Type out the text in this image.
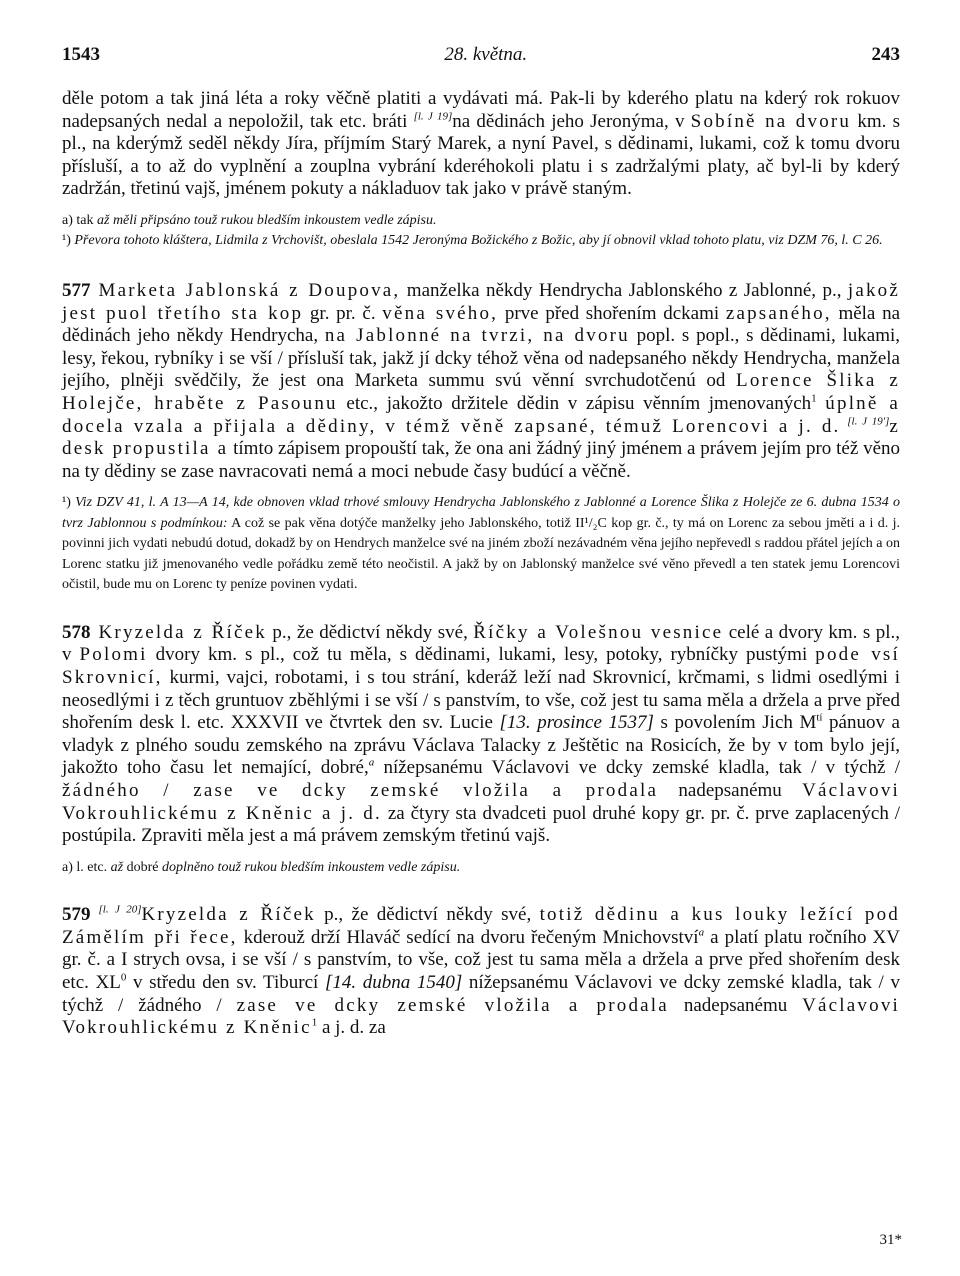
1543	28. května.	243

děle potom a tak jiná léta a roky věčně platiti a vydávati má. Pak-li by kderého platu na kderý rok rokuov nadepsaných nedal a nepoložil, tak etc. bráti [l. J 19]na dědinách jeho Jeronýma, v Sobíně na dvoru km. s pl., na kderýmž seděl někdy Jíra, příjmím Starý Marek, a nyní Pavel, s dědinami, lukami, což k tomu dvoru přísluší, a to až do vyplnění a zouplna vybrání kderéhokoli platu i s zadržalými platy, ač byl-li by kderý zadržán, třetinú vajš, jménem pokuty a nákladuov tak jako v právě staným.

a) tak až měli připsáno touž rukou bledším inkoustem vedle zápisu.

¹) Převora tohoto kláštera, Lidmila z Vrchovišt, obeslala 1542 Jeronýma Božického z Božic, aby jí obnovil vklad tohoto platu, viz DZM 76, l. C 26.

577 Marketa Jablonská z Doupova, manželka někdy Hendrycha Jablonského z Jablonné, p., jakož jest puol třetího sta kop gr. pr. č. věna svého, prve před shořením dckami zapsaného, měla na dědinách jeho někdy Hendrycha, na Jablonné na tvrzi, na dvoru popl. s popl., s dědinami, lukami, lesy, řekou, rybníky i se vší / přísluší tak, jakž jí dcky téhož věna od nadepsaného někdy Hendrycha, manžela jejího, plněji svědčily, že jest ona Marketa summu svú věnní svrchudotčenú od Lorence Šlika z Holejče, hraběte z Pasounu etc., jakožto držitele dědin v zápisu věnním jmenovaných$^1$ úplně a docela vzala a přijala a dědiny, v témž věně zapsané, témuž Lorencovi a j. d. [l. J 19']z desk propustila a tímto zápisem propouští tak, že ona ani žádný jiný jménem a právem jejím pro též věno na ty dědiny se zase navracovati nemá a moci nebude časy budúcí a věčně.

¹) Viz DZV 41, l. A 13—A 14, kde obnoven vklad trhové smlouvy Hendrycha Jablonského z Jablonné a Lorence Šlika z Holejče ze 6. dubna 1534 o tvrz Jablonnou s podmínkou: A což se pak věna dotýče manželky jeho Jablonského, totiž II¹/₂C kop gr. č., ty má on Lorenc za sebou jměti a i d. j. povinni jich vydati nebudú dotud, dokadž by on Hendrych manželce své na jiném zboží nezávadném věna jejího nepřevedl s raddou přátel jejích a on Lorenc statku již jmenovaného vedle pořádku země této neočistil. A jakž by on Jablonský manželce své věno převedl a ten statek jemu Lorencovi očistil, bude mu on Lorenc ty peníze povinen vydati.

578 Kryzelda z Říček p., že dědictví někdy své, Říčky a Volešnou vesnice celé a dvory km. s pl., v Polomi dvory km. s pl., což tu měla, s dědinami, lukami, lesy, potoky, rybníčky pustými pode vsí Skrovnicí, kurmi, vajci, robotami, i s tou strání, kderáž leží nad Skrovnicí, krčmami, s lidmi osedlými i neosedlými i z těch gruntuov zběhlými i se vší / s panstvím, to vše, což jest tu sama měla a držela a prve před shořením desk l. etc. XXXVII ve čtvrtek den sv. Lucie [13. prosince 1537] s povolením Jich $M^{tí}$ pánuov a vladyk z plného soudu zemského na zprávu Václava Talacky z Ještětic na Rosicích, že by v tom bylo její, jakožto toho času let nemající, dobré,$^a$ nížepsanému Václavovi ve dcky zemské kladla, tak / v týchž / žádného / zase ve dcky zemské vložila a prodala nadepsanému Václavovi Vokrouhlickému z Kněnic a j. d. za čtyry sta dvadceti puol druhé kopy gr. pr. č. prve zaplacených / postúpila. Zpraviti měla jest a má právem zemským třetinú vajš.

a) l. etc. až dobré doplněno touž rukou bledším inkoustem vedle zápisu.

579 [l. J 20]Kryzelda z Říček p., že dědictví někdy své, totiž dědinu a kus louky ležící pod Zámělím při řece, kderouž drží Hlaváč sedící na dvoru řečeným Mnichovství$^a$ a platí platu ročního XV gr. č. a I strych ovsa, i se vší / s panstvím, to vše, což jest tu sama měla a držela a prve před shořením desk etc. $XL^0$ v středu den sv. Tiburcí [14. dubna 1540] nížepsanému Václavovi ve dcky zemské kladla, tak / v týchž / žádného / zase ve dcky zemské vložila a prodala nadepsanému Václavovi Vokrouhlickému z Kněnic$^1$ a j. d. za

31*
